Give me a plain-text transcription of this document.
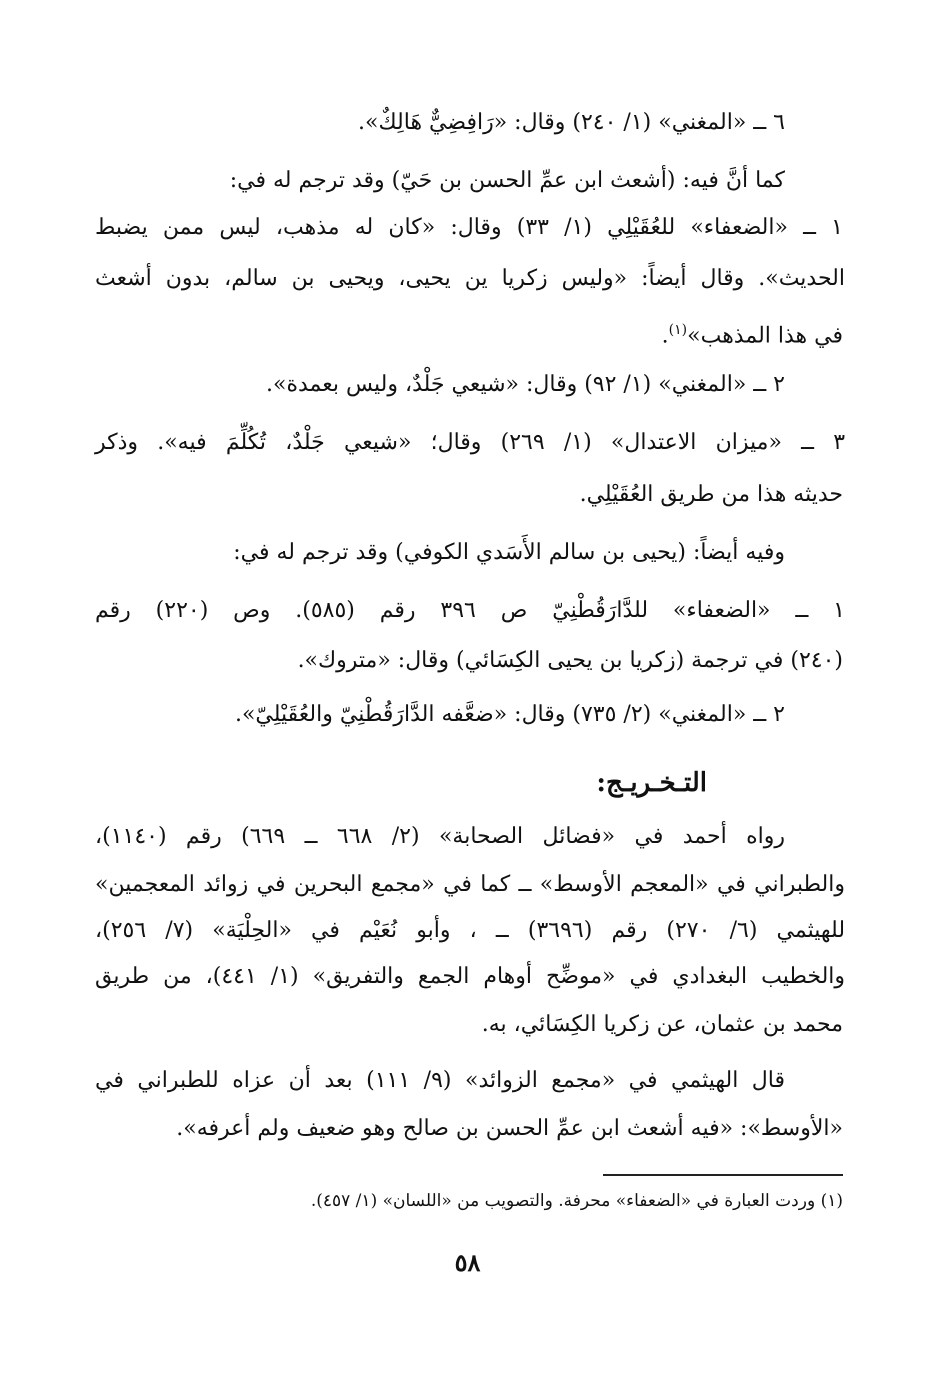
٦ ــ «المغني» (١/ ٢٤٠) وقال: «رَافِضِيٌّ هَالِكٌ».
كما أنَّ فيه: (أشعث ابن عمِّ الحسن بن حَيّ) وقد ترجم له في:
١ ــ «الضعفاء» للعُقَيْلِي (١/ ٣٣) وقال: «كان له مذهب، ليس ممن يضبط
الحديث». وقال أيضاً: «وليس زكريا ين يحيى، ويحيى بن سالم، بدون أشعث
في هذا المذهب»$^{(١)}$.
٢ ــ «المغني» (١/ ٩٢) وقال: «شيعي جَلْدٌ، وليس بعمدة».
٣ ــ «ميزان الاعتدال» (١/ ٢٦٩) وقال؛ «شيعي جَلْدٌ، تُكُلِّمَ فيه». وذكر
حديثه هذا من طريق العُقَيْلِي.
وفيه أيضاً: (يحيى بن سالم الأَسَدي الكوفي) وقد ترجم له في:
١ ــ «الضعفاء» للدَّارَقُطْنِيّ ص ٣٩٦ رقم (٥٨٥). وص (٢٢٠) رقم
(٢٤٠) في ترجمة (زكريا بن يحيى الكِسَائي) وقال: «متروك».
٢ ــ «المغني» (٢/ ٧٣٥) وقال: «ضعَّفه الدَّارَقُطْنِيّ والعُقَيْلِيّ».
التـخـريـج:
رواه أحمد في «فضائل الصحابة» (٢/ ٦٦٨ ــ ٦٦٩) رقم (١١٤٠)،
والطبراني في «المعجم الأوسط» ــ كما في «مجمع البحرين في زوائد المعجمين»
للهيثمي (٦/ ٢٧٠) رقم (٣٦٩٦) ــ ، وأبو نُعَيْم في «الحِلْيَة» (٧/ ٢٥٦)،
والخطيب البغدادي في «موضِّح أوهام الجمع والتفريق» (١/ ٤٤١)، من طريق
محمد بن عثمان، عن زكريا الكِسَائي، به.
قال الهيثمي في «مجمع الزوائد» (٩/ ١١١) بعد أن عزاه للطبراني في
«الأوسط»: «فيه أشعث ابن عمِّ الحسن بن صالح وهو ضعيف ولم أعرفه».
(١) وردت العبارة في «الضعفاء» محرفة. والتصويب من «اللسان» (١/ ٤٥٧).
٥٨
